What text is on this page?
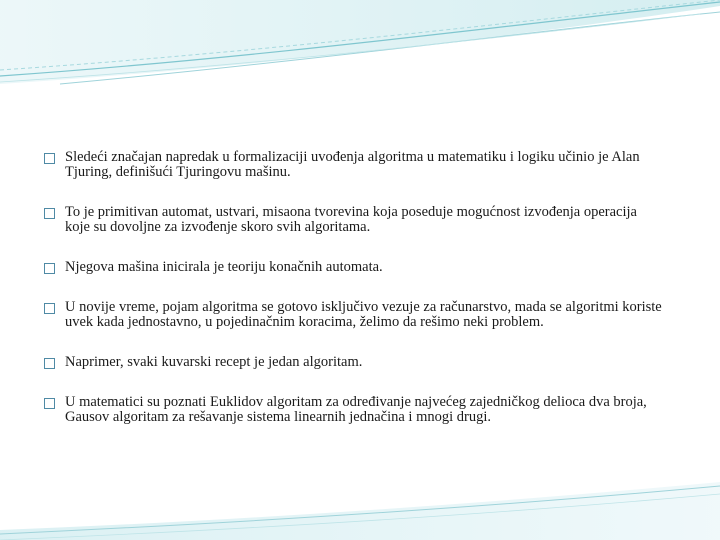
Sledeći značajan napredak u formalizaciji uvođenja algoritma u matematiku i logiku učinio je Alan Tjuring, definišući Tjuringovu mašinu.
To je primitivan automat, ustvari, misaona tvorevina koja poseduje mogućnost izvođenja operacija koje su dovoljne za izvođenje skoro svih algoritama.
Njegova mašina inicirala je teoriju konačnih automata.
U novije vreme, pojam algoritma se gotovo isključivo vezuje za računarstvo, mada se algoritmi koriste uvek kada jednostavno, u pojedinačnim koracima, želimo da rešimo neki problem.
Naprimer, svaki kuvarski recept je jedan algoritam.
U matematici su poznati Euklidov algoritam za određivanje najvećeg zajedničkog delioca dva broja, Gausov algoritam za rešavanje sistema linearnih jednačina i mnogi drugi.
